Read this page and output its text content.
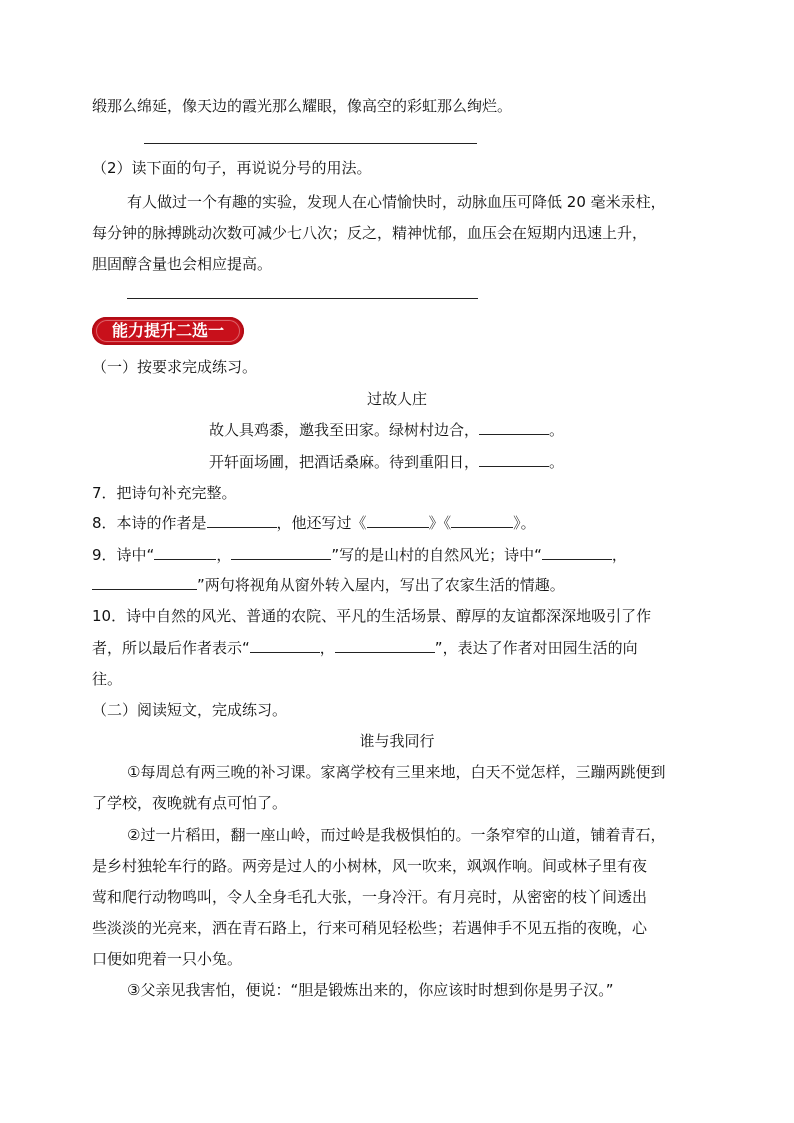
缎那么绵延，像天边的霞光那么耀眼，像高空的彩虹那么绚烂。
（2）读下面的句子，再说说分号的用法。
有人做过一个有趣的实验，发现人在心情愉快时，动脉血压可降低 20 毫米汞柱，
每分钟的脉搏跳动次数可减少七八次；反之，精神忧郁，血压会在短期内迅速上升，
胆固醇含量也会相应提高。
能力提升二选一
（一）按要求完成练习。
过故人庄
故人具鸡黍，邀我至田家。绿树村边合，	。
开轩面场圃，把酒话桑麻。待到重阳日，	。
7．把诗句补充完整。
8．本诗的作者是	，他还写过《	》《	》。
9．诗中“	，	”写的是山村的自然风光；诗中“	，
”两句将视角从窗外转入屋内，写出了农家生活的情趣。
10．诗中自然的风光、普通的农院、平凡的生活场景、醇厚的友谊都深深地吸引了作
者，所以最后作者表示“	，	”，表达了作者对田园生活的向
往。
（二）阅读短文，完成练习。
谁与我同行
①每周总有两三晚的补习课。家离学校有三里来地，白天不觉怎样，三蹦两跳便到
了学校，夜晚就有点可怕了。
②过一片稻田，翻一座山岭，而过岭是我极惧怕的。一条窄窄的山道，铺着青石，
是乡村独轮车行的路。两旁是过人的小树林，风一吹来，飒飒作响。间或林子里有夜
莺和爬行动物鸣叫，令人全身毛孔大张，一身冷汗。有月亮时，从密密的枝丫间透出
些淡淡的光亮来，洒在青石路上，行来可稍见轻松些；若遇伸手不见五指的夜晚，心
口便如兜着一只小兔。
③父亲见我害怕，便说：“胆是锻炼出来的，你应该时时想到你是男子汉。”
